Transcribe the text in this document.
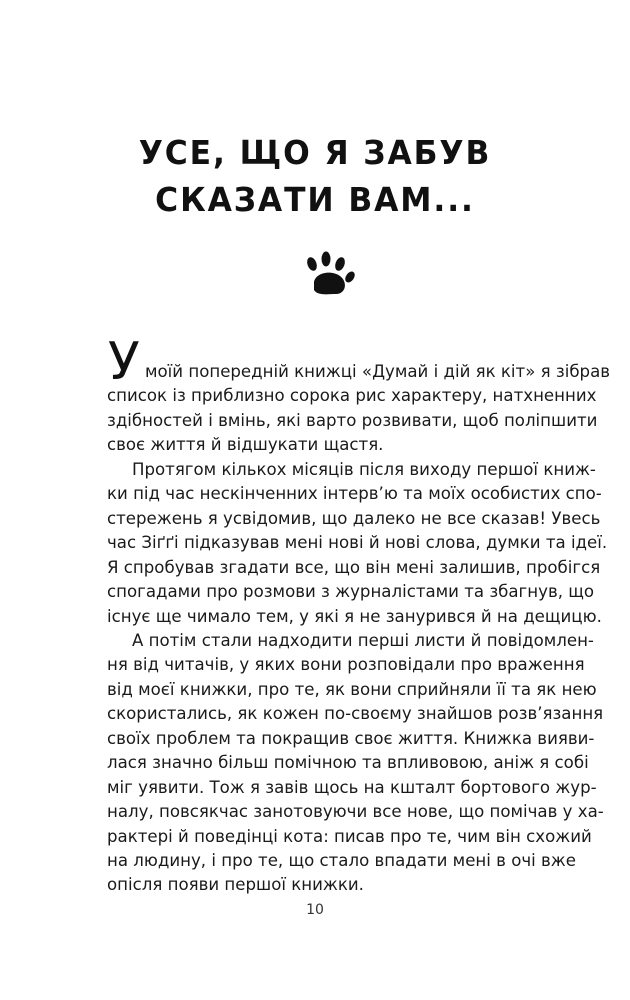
УСЕ, ЩО Я ЗАБУВ
СКАЗАТИ ВАМ...
У моїй попередній книжці «Думай і дій як кіт» я зібрав
список із приблизно сорока рис характеру, натхненних
здібностей і вмінь, які варто розвивати, щоб поліпшити
своє життя й відшукати щастя.
Протягом кількох місяців після виходу першої книж-
ки під час нескінченних інтерв’ю та моїх особистих спо-
стережень я усвідомив, що далеко не все сказав! Увесь
час Зіґґі підказував мені нові й нові слова, думки та ідеї.
Я спробував згадати все, що він мені залишив, пробігся
спогадами про розмови з журналістами та збагнув, що
існує ще чимало тем, у які я не занурився й на дещицю.
А потім стали надходити перші листи й повідомлен-
ня від читачів, у яких вони розповідали про враження
від моєї книжки, про те, як вони сприйняли її та як нею
скористались, як кожен по-своєму знайшов розв’язання
своїх проблем та покращив своє життя. Книжка вияви-
лася значно більш помічною та впливовою, аніж я собі
міг уявити. Тож я завів щось на кшталт бортового жур-
налу, повсякчас занотовуючи все нове, що помічав у ха-
рактері й поведінці кота: писав про те, чим він схожий
на людину, і про те, що стало впадати мені в очі вже
опісля появи першої книжки.
10
